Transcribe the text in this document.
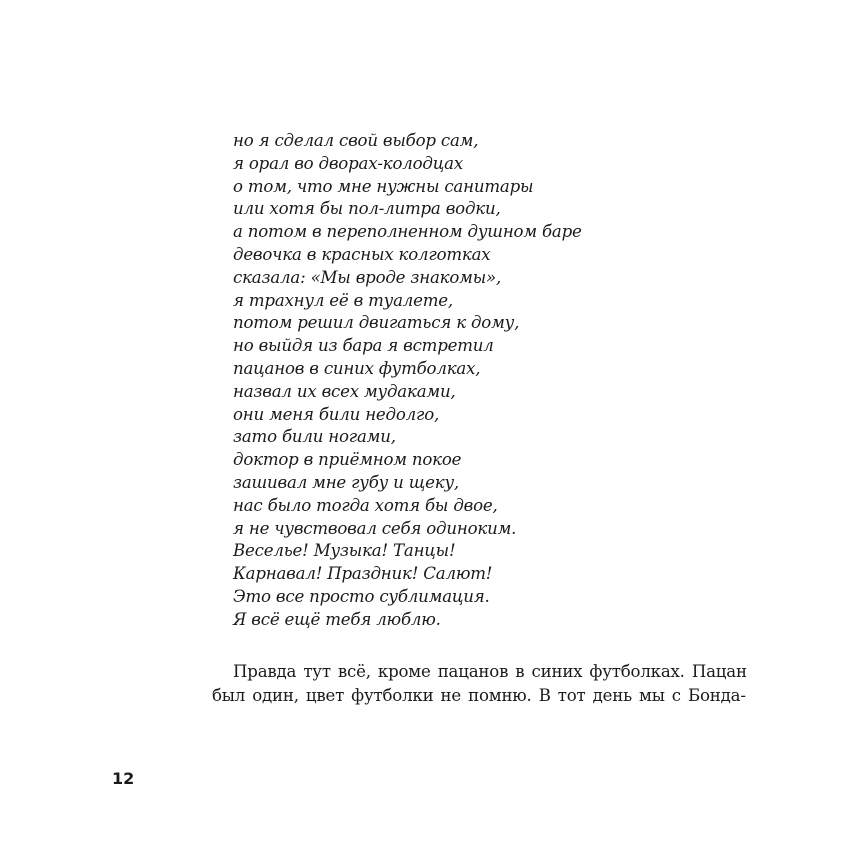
но я сделал свой выбор сам,
я орал во дворах-колодцах
о том, что мне нужны санитары
или хотя бы пол-литра водки,
а потом в переполненном душном баре
девочка в красных колготках
сказала: «Мы вроде знакомы»,
я трахнул её в туалете,
потом решил двигаться к дому,
но выйдя из бара я встретил
пацанов в синих футболках,
назвал их всех мудаками,
они меня били недолго,
зато били ногами,
доктор в приёмном покое
зашивал мне губу и щеку,
нас было тогда хотя бы двое,
я не чувствовал себя одиноким.
Веселье! Музыка! Танцы!
Карнавал! Праздник! Салют!
Это все просто сублимация.
Я всё ещё тебя люблю.

Правда тут всё, кроме пацанов в синих футболках. Пацан
был один, цвет футболки не помню. В тот день мы с Бонда-

12
